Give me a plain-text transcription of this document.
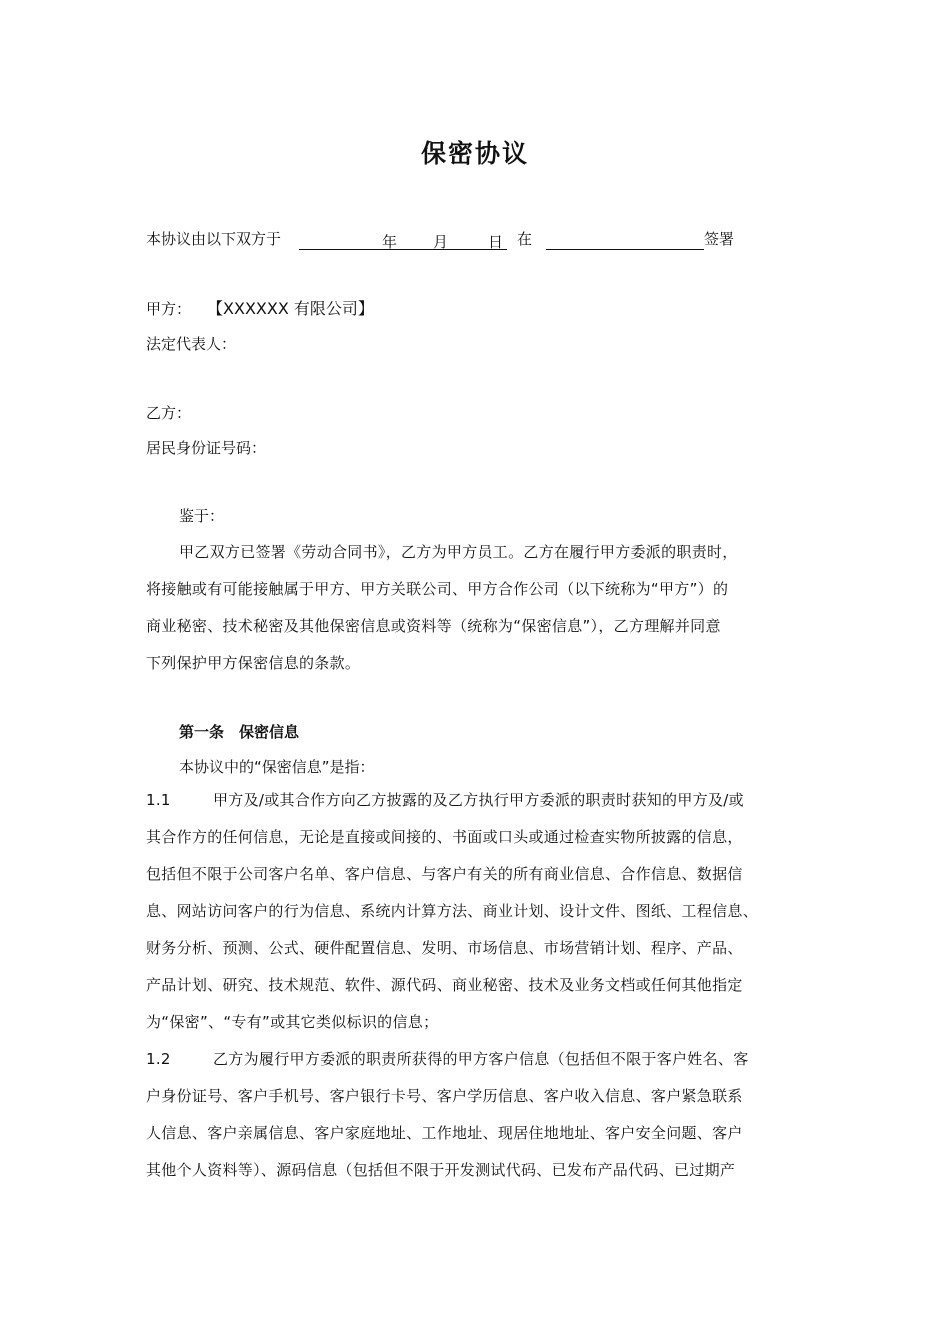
保密协议
本协议由以下双方于	年 月	日 在	签署
甲方： 【XXXXXX 有限公司】
法定代表人：
乙方：
居民身份证号码：
鉴于：
甲乙双方已签署《劳动合同书》，乙方为甲方员工。乙方在履行甲方委派的职责时，
将接触或有可能接触属于甲方、甲方关联公司、甲方合作公司（以下统称为“甲方”）的
商业秘密、技术秘密及其他保密信息或资料等（统称为“保密信息”），乙方理解并同意
下列保护甲方保密信息的条款。
第一条　保密信息
本协议中的“保密信息”是指：
1.1	甲方及/或其合作方向乙方披露的及乙方执行甲方委派的职责时获知的甲方及/或
其合作方的任何信息，无论是直接或间接的、书面或口头或通过检查实物所披露的信息，
包括但不限于公司客户名单、客户信息、与客户有关的所有商业信息、合作信息、数据信
息、网站访问客户的行为信息、系统内计算方法、商业计划、设计文件、图纸、工程信息、
财务分析、预测、公式、硬件配置信息、发明、市场信息、市场营销计划、程序、产品、
产品计划、研究、技术规范、软件、源代码、商业秘密、技术及业务文档或任何其他指定
为“保密”、“专有”或其它类似标识的信息；
1.2	乙方为履行甲方委派的职责所获得的甲方客户信息（包括但不限于客户姓名、客
户身份证号、客户手机号、客户银行卡号、客户学历信息、客户收入信息、客户紧急联系
人信息、客户亲属信息、客户家庭地址、工作地址、现居住地地址、客户安全问题、客户
其他个人资料等）、源码信息（包括但不限于开发测试代码、已发布产品代码、已过期产
